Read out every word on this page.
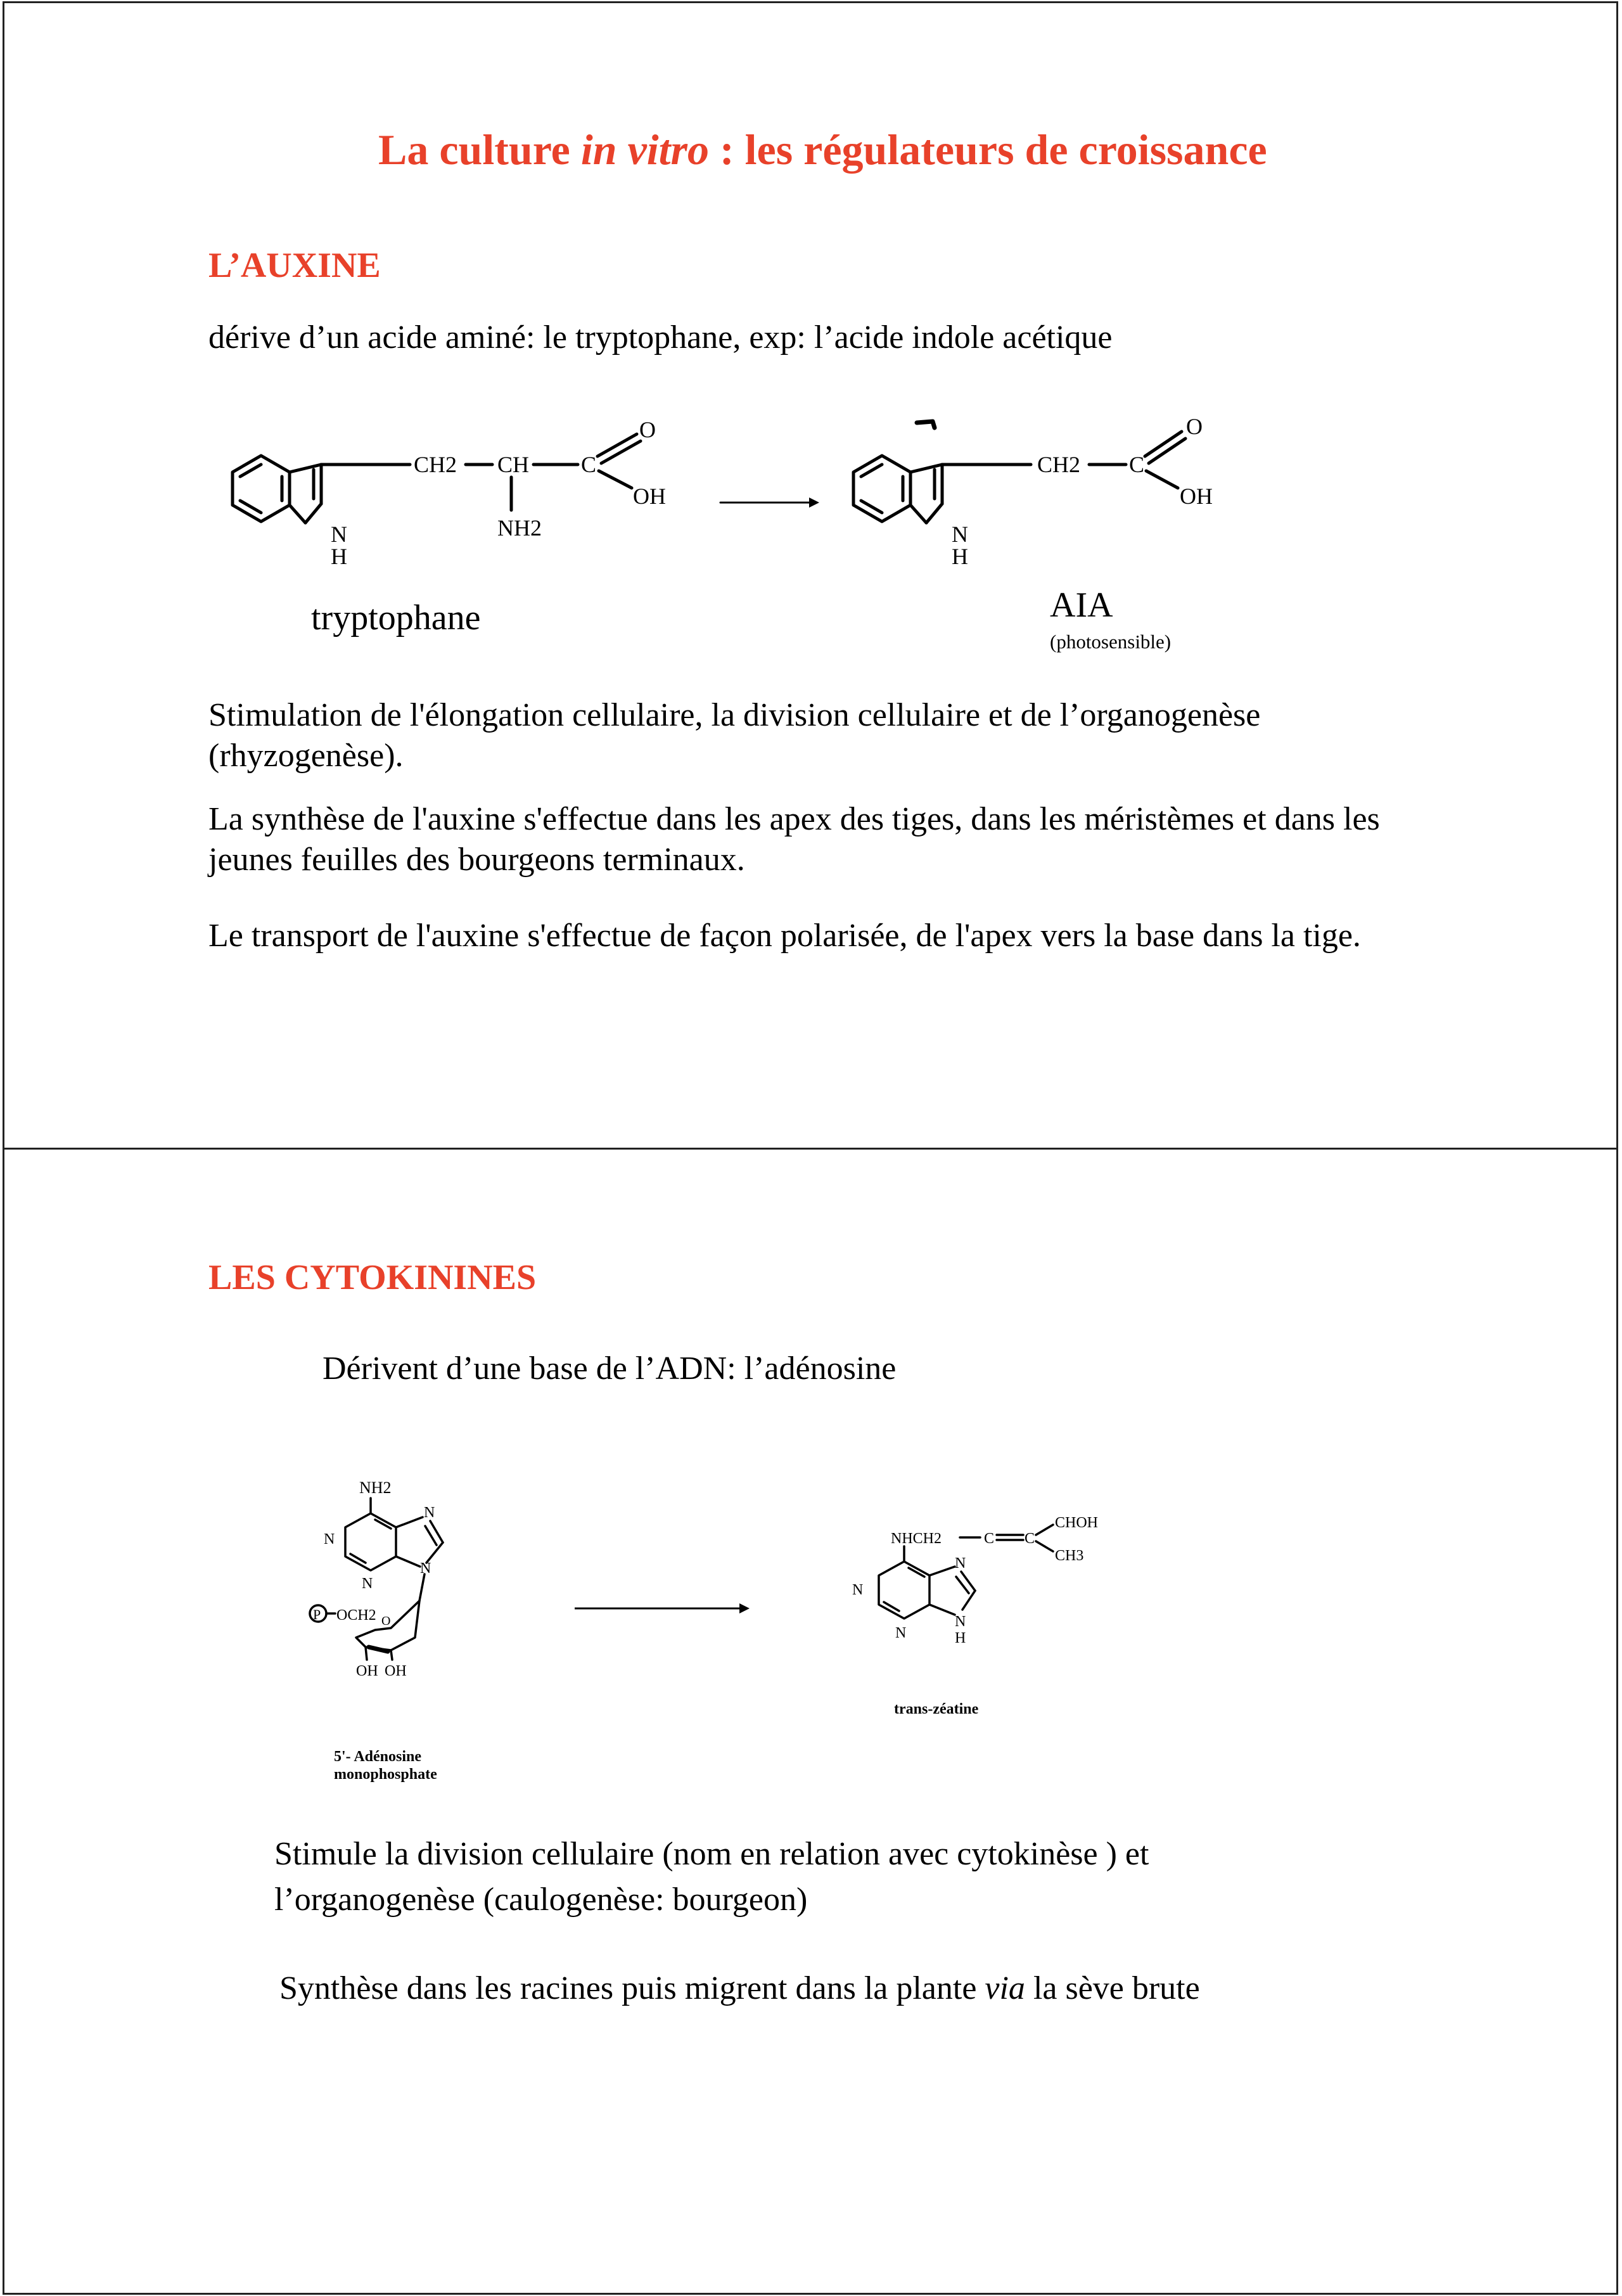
La culture in vitro : les régulateurs de croissance
L’AUXINE
dérive d’un acide aminé: le tryptophane, exp: l’acide indole acétique
N
H
CH2 CH
NH2
C
O
OH
N
H
CH2 C
O
OH
tryptophane	AIA
(photosensible)
Stimulation de l'élongation cellulaire, la division cellulaire et de l’organogenèse (rhyzogenèse).
La synthèse de l'auxine s'effectue dans les apex des tiges, dans les méristèmes et dans les jeunes feuilles des bourgeons terminaux.
Le transport de l'auxine s'effectue de façon polarisée, de l'apex vers la base dans la tige.
LES CYTOKININES
Dérivent d’une base de l’ADN: l’adénosine
NH2
N
N
N
N
P OCH2 O
OH OH
NHCH2	C C
CHOH
CH3
N
N
N
N
H
5'- Adénosine
monophosphate
trans-zéatine
Stimule la division cellulaire (nom en relation avec cytokinèse ) et
l’organogenèse (caulogenèse: bourgeon)
Synthèse dans les racines puis migrent dans la plante via la sève brute
